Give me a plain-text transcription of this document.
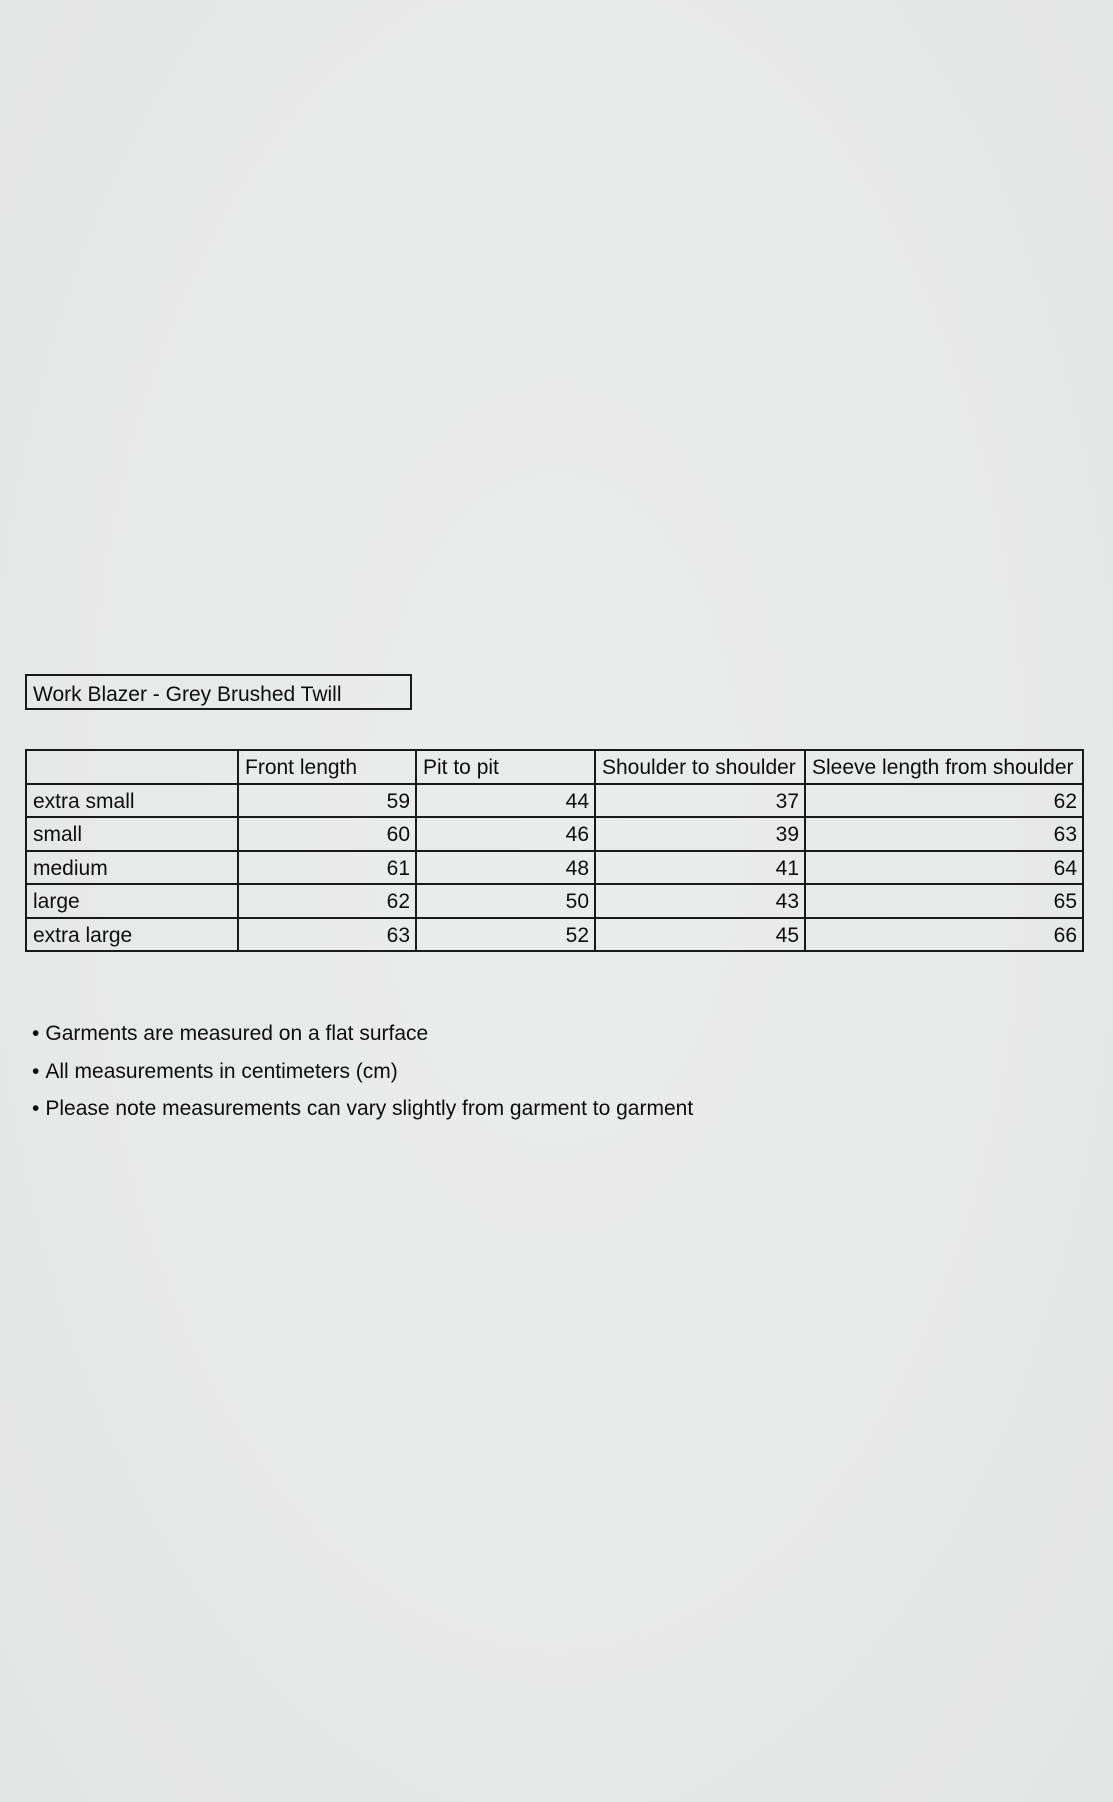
Work Blazer - Grey Brushed Twill
	Front length	Pit to pit	Shoulder to shoulder	Sleeve length from shoulder
extra small	59	44	37	62
small	60	46	39	63
medium	61	48	41	64
large	62	50	43	65
extra large	63	52	45	66
• Garments are measured on a flat surface
• All measurements in centimeters (cm)
• Please note measurements can vary slightly from garment to garment
